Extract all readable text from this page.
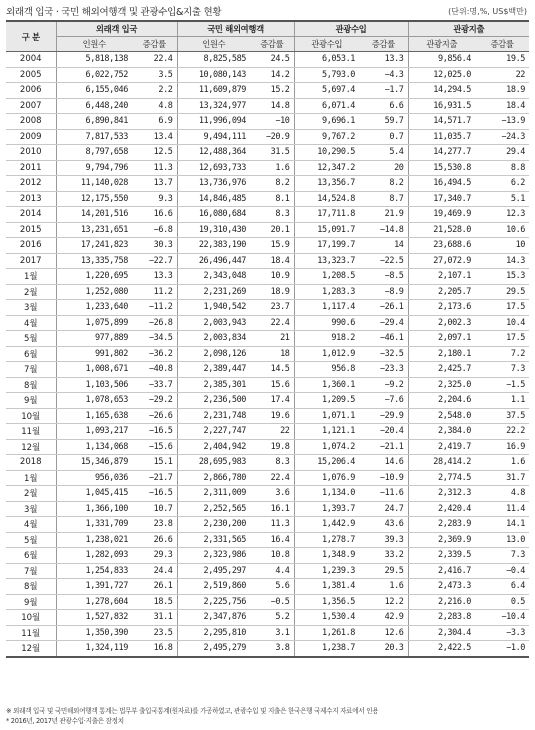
외래객 입국 · 국민 해외여행객 및 관광수입&지출 현황	(단위:명,%, US$백만)
구 분	외래객 입국		국민 해외여행객		관광수입		관광지출	
	인원수	증감률	인원수	증감률	관광수입	증감률	관광지출	증감률
2004	5,818,138	22.4	8,825,585	24.5	6,053.1	13.3	9,856.4	19.5
2005	6,022,752	3.5	10,080,143	14.2	5,793.0	−4.3	12,025.0	22
2006	6,155,046	2.2	11,609,879	15.2	5,697.4	−1.7	14,294.5	18.9
2007	6,448,240	4.8	13,324,977	14.8	6,071.4	6.6	16,931.5	18.4
2008	6,890,841	6.9	11,996,094	−10	9,696.1	59.7	14,571.7	−13.9
2009	7,817,533	13.4	9,494,111	−20.9	9,767.2	0.7	11,035.7	−24.3
2010	8,797,658	12.5	12,488,364	31.5	10,290.5	5.4	14,277.7	29.4
2011	9,794,796	11.3	12,693,733	1.6	12,347.2	20	15,530.8	8.8
2012	11,140,028	13.7	13,736,976	8.2	13,356.7	8.2	16,494.5	6.2
2013	12,175,550	9.3	14,846,485	8.1	14,524.8	8.7	17,340.7	5.1
2014	14,201,516	16.6	16,080,684	8.3	17,711.8	21.9	19,469.9	12.3
2015	13,231,651	−6.8	19,310,430	20.1	15,091.7	−14.8	21,528.0	10.6
2016	17,241,823	30.3	22,383,190	15.9	17,199.7	14	23,688.6	10
2017	13,335,758	−22.7	26,496,447	18.4	13,323.7	−22.5	27,072.9	14.3
1월	1,220,695	13.3	2,343,048	10.9	1,208.5	−8.5	2,107.1	15.3
2월	1,252,080	11.2	2,231,269	18.9	1,283.3	−8.9	2,205.7	29.5
3월	1,233,640	−11.2	1,940,542	23.7	1,117.4	−26.1	2,173.6	17.5
4월	1,075,899	−26.8	2,003,943	22.4	990.6	−29.4	2,002.3	10.4
5월	977,889	−34.5	2,003,834	21	918.2	−46.1	2,097.1	17.5
6월	991,802	−36.2	2,098,126	18	1,012.9	−32.5	2,180.1	7.2
7월	1,008,671	−40.8	2,389,447	14.5	956.8	−23.3	2,425.7	7.3
8월	1,103,506	−33.7	2,385,301	15.6	1,360.1	−9.2	2,325.0	−1.5
9월	1,078,653	−29.2	2,236,500	17.4	1,209.5	−7.6	2,204.6	1.1
10월	1,165,638	−26.6	2,231,748	19.6	1,071.1	−29.9	2,548.0	37.5
11월	1,093,217	−16.5	2,227,747	22	1,121.1	−20.4	2,384.0	22.2
12월	1,134,068	−15.6	2,404,942	19.8	1,074.2	−21.1	2,419.7	16.9
2018	15,346,879	15.1	28,695,983	8.3	15,206.4	14.6	28,414.2	1.6
1월	956,036	−21.7	2,866,780	22.4	1,076.9	−10.9	2,774.5	31.7
2월	1,045,415	−16.5	2,311,009	3.6	1,134.0	−11.6	2,312.3	4.8
3월	1,366,100	10.7	2,252,565	16.1	1,393.7	24.7	2,420.4	11.4
4월	1,331,709	23.8	2,230,200	11.3	1,442.9	43.6	2,283.9	14.1
5월	1,238,021	26.6	2,331,565	16.4	1,278.7	39.3	2,369.9	13.0
6월	1,282,093	29.3	2,323,986	10.8	1,348.9	33.2	2,339.5	7.3
7월	1,254,833	24.4	2,495,297	4.4	1,239.3	29.5	2,416.7	−0.4
8월	1,391,727	26.1	2,519,860	5.6	1,381.4	1.6	2,473.3	6.4
9월	1,278,604	18.5	2,225,756	−0.5	1,356.5	12.2	2,216.0	0.5
10월	1,527,832	31.1	2,347,876	5.2	1,530.4	42.9	2,283.8	−10.4
11월	1,350,390	23.5	2,295,810	3.1	1,261.8	12.6	2,304.4	−3.3
12월	1,324,119	16.8	2,495,279	3.8	1,238.7	20.3	2,422.5	−1.0
※ 외래객 입국 및 국민해외여행객 통계는 법무부 출입국통계(원자료)를 가공하였고, 관광수입 및 지출은 한국은행 국제수지 자료에서 인용
* 2016년, 2017년 관광수입·지출은 잠정치
